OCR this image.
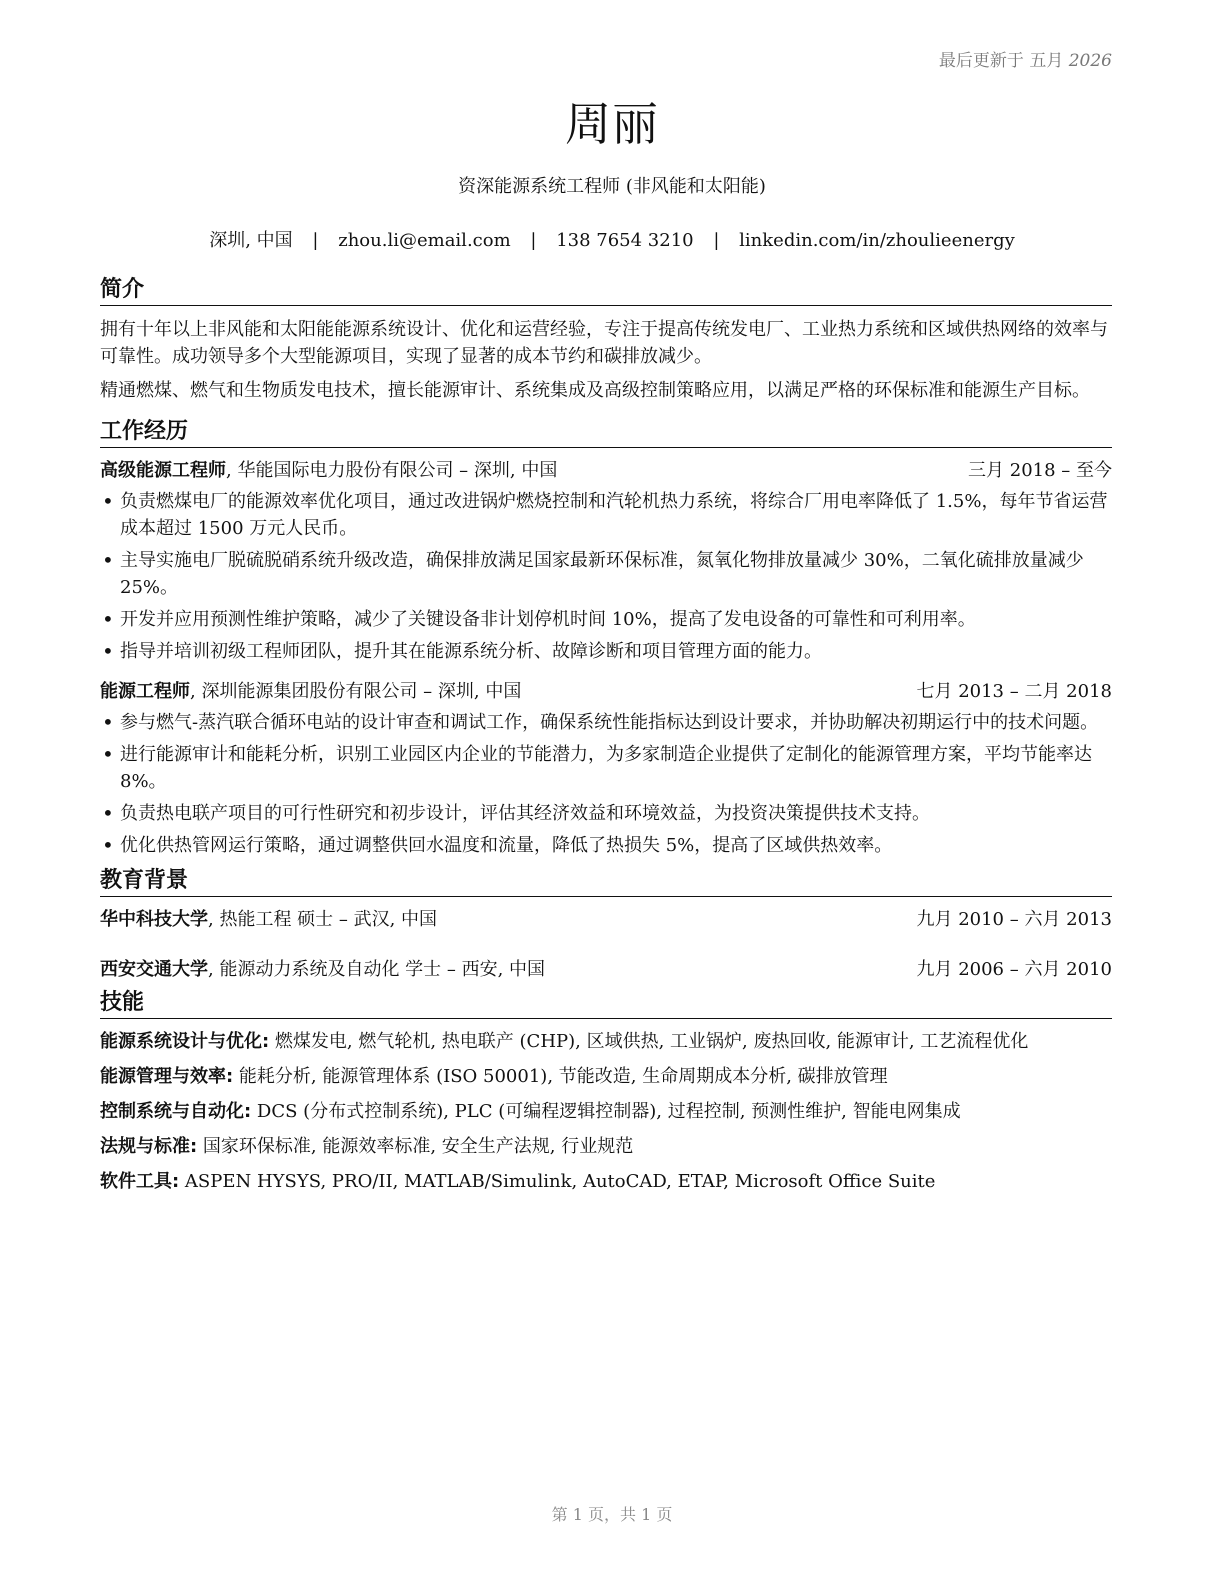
最后更新于 五月 2026
周丽
资深能源系统工程师 (非风能和太阳能)
深圳, 中国 | zhou.li@email.com | 138 7654 3210 | linkedin.com/in/zhoulieenergy
简介

拥有十年以上非风能和太阳能能源系统设计、优化和运营经验，专注于提高传统发电厂、工业热力系统和区域供热网络的效率与可靠性。成功领导多个大型能源项目，实现了显著的成本节约和碳排放减少。

精通燃煤、燃气和生物质发电技术，擅长能源审计、系统集成及高级控制策略应用，以满足严格的环保标准和能源生产目标。

工作经历
高级能源工程师, 华能国际电力股份有限公司 – 深圳, 中国	三月 2018 – 至今
• 负责燃煤电厂的能源效率优化项目，通过改进锅炉燃烧控制和汽轮机热力系统，将综合厂用电率降低了 1.5%，每年节省运营成本超过 1500 万元人民币。
• 主导实施电厂脱硫脱硝系统升级改造，确保排放满足国家最新环保标准，氮氧化物排放量减少 30%，二氧化硫排放量减少 25%。
• 开发并应用预测性维护策略，减少了关键设备非计划停机时间 10%，提高了发电设备的可靠性和可利用率。
• 指导并培训初级工程师团队，提升其在能源系统分析、故障诊断和项目管理方面的能力。
能源工程师, 深圳能源集团股份有限公司 – 深圳, 中国	七月 2013 – 二月 2018
• 参与燃气-蒸汽联合循环电站的设计审查和调试工作，确保系统性能指标达到设计要求，并协助解决初期运行中的技术问题。
• 进行能源审计和能耗分析，识别工业园区内企业的节能潜力，为多家制造企业提供了定制化的能源管理方案，平均节能率达 8%。
• 负责热电联产项目的可行性研究和初步设计，评估其经济效益和环境效益，为投资决策提供技术支持。
• 优化供热管网运行策略，通过调整供回水温度和流量，降低了热损失 5%，提高了区域供热效率。
教育背景
华中科技大学, 热能工程 硕士 – 武汉, 中国	九月 2010 – 六月 2013
西安交通大学, 能源动力系统及自动化 学士 – 西安, 中国	九月 2006 – 六月 2010
技能
能源系统设计与优化: 燃煤发电, 燃气轮机, 热电联产 (CHP), 区域供热, 工业锅炉, 废热回收, 能源审计, 工艺流程优化
能源管理与效率: 能耗分析, 能源管理体系 (ISO 50001), 节能改造, 生命周期成本分析, 碳排放管理
控制系统与自动化: DCS (分布式控制系统), PLC (可编程逻辑控制器), 过程控制, 预测性维护, 智能电网集成
法规与标准: 国家环保标准, 能源效率标准, 安全生产法规, 行业规范
软件工具: ASPEN HYSYS, PRO/II, MATLAB/Simulink, AutoCAD, ETAP, Microsoft Office Suite
第 1 页，共 1 页
